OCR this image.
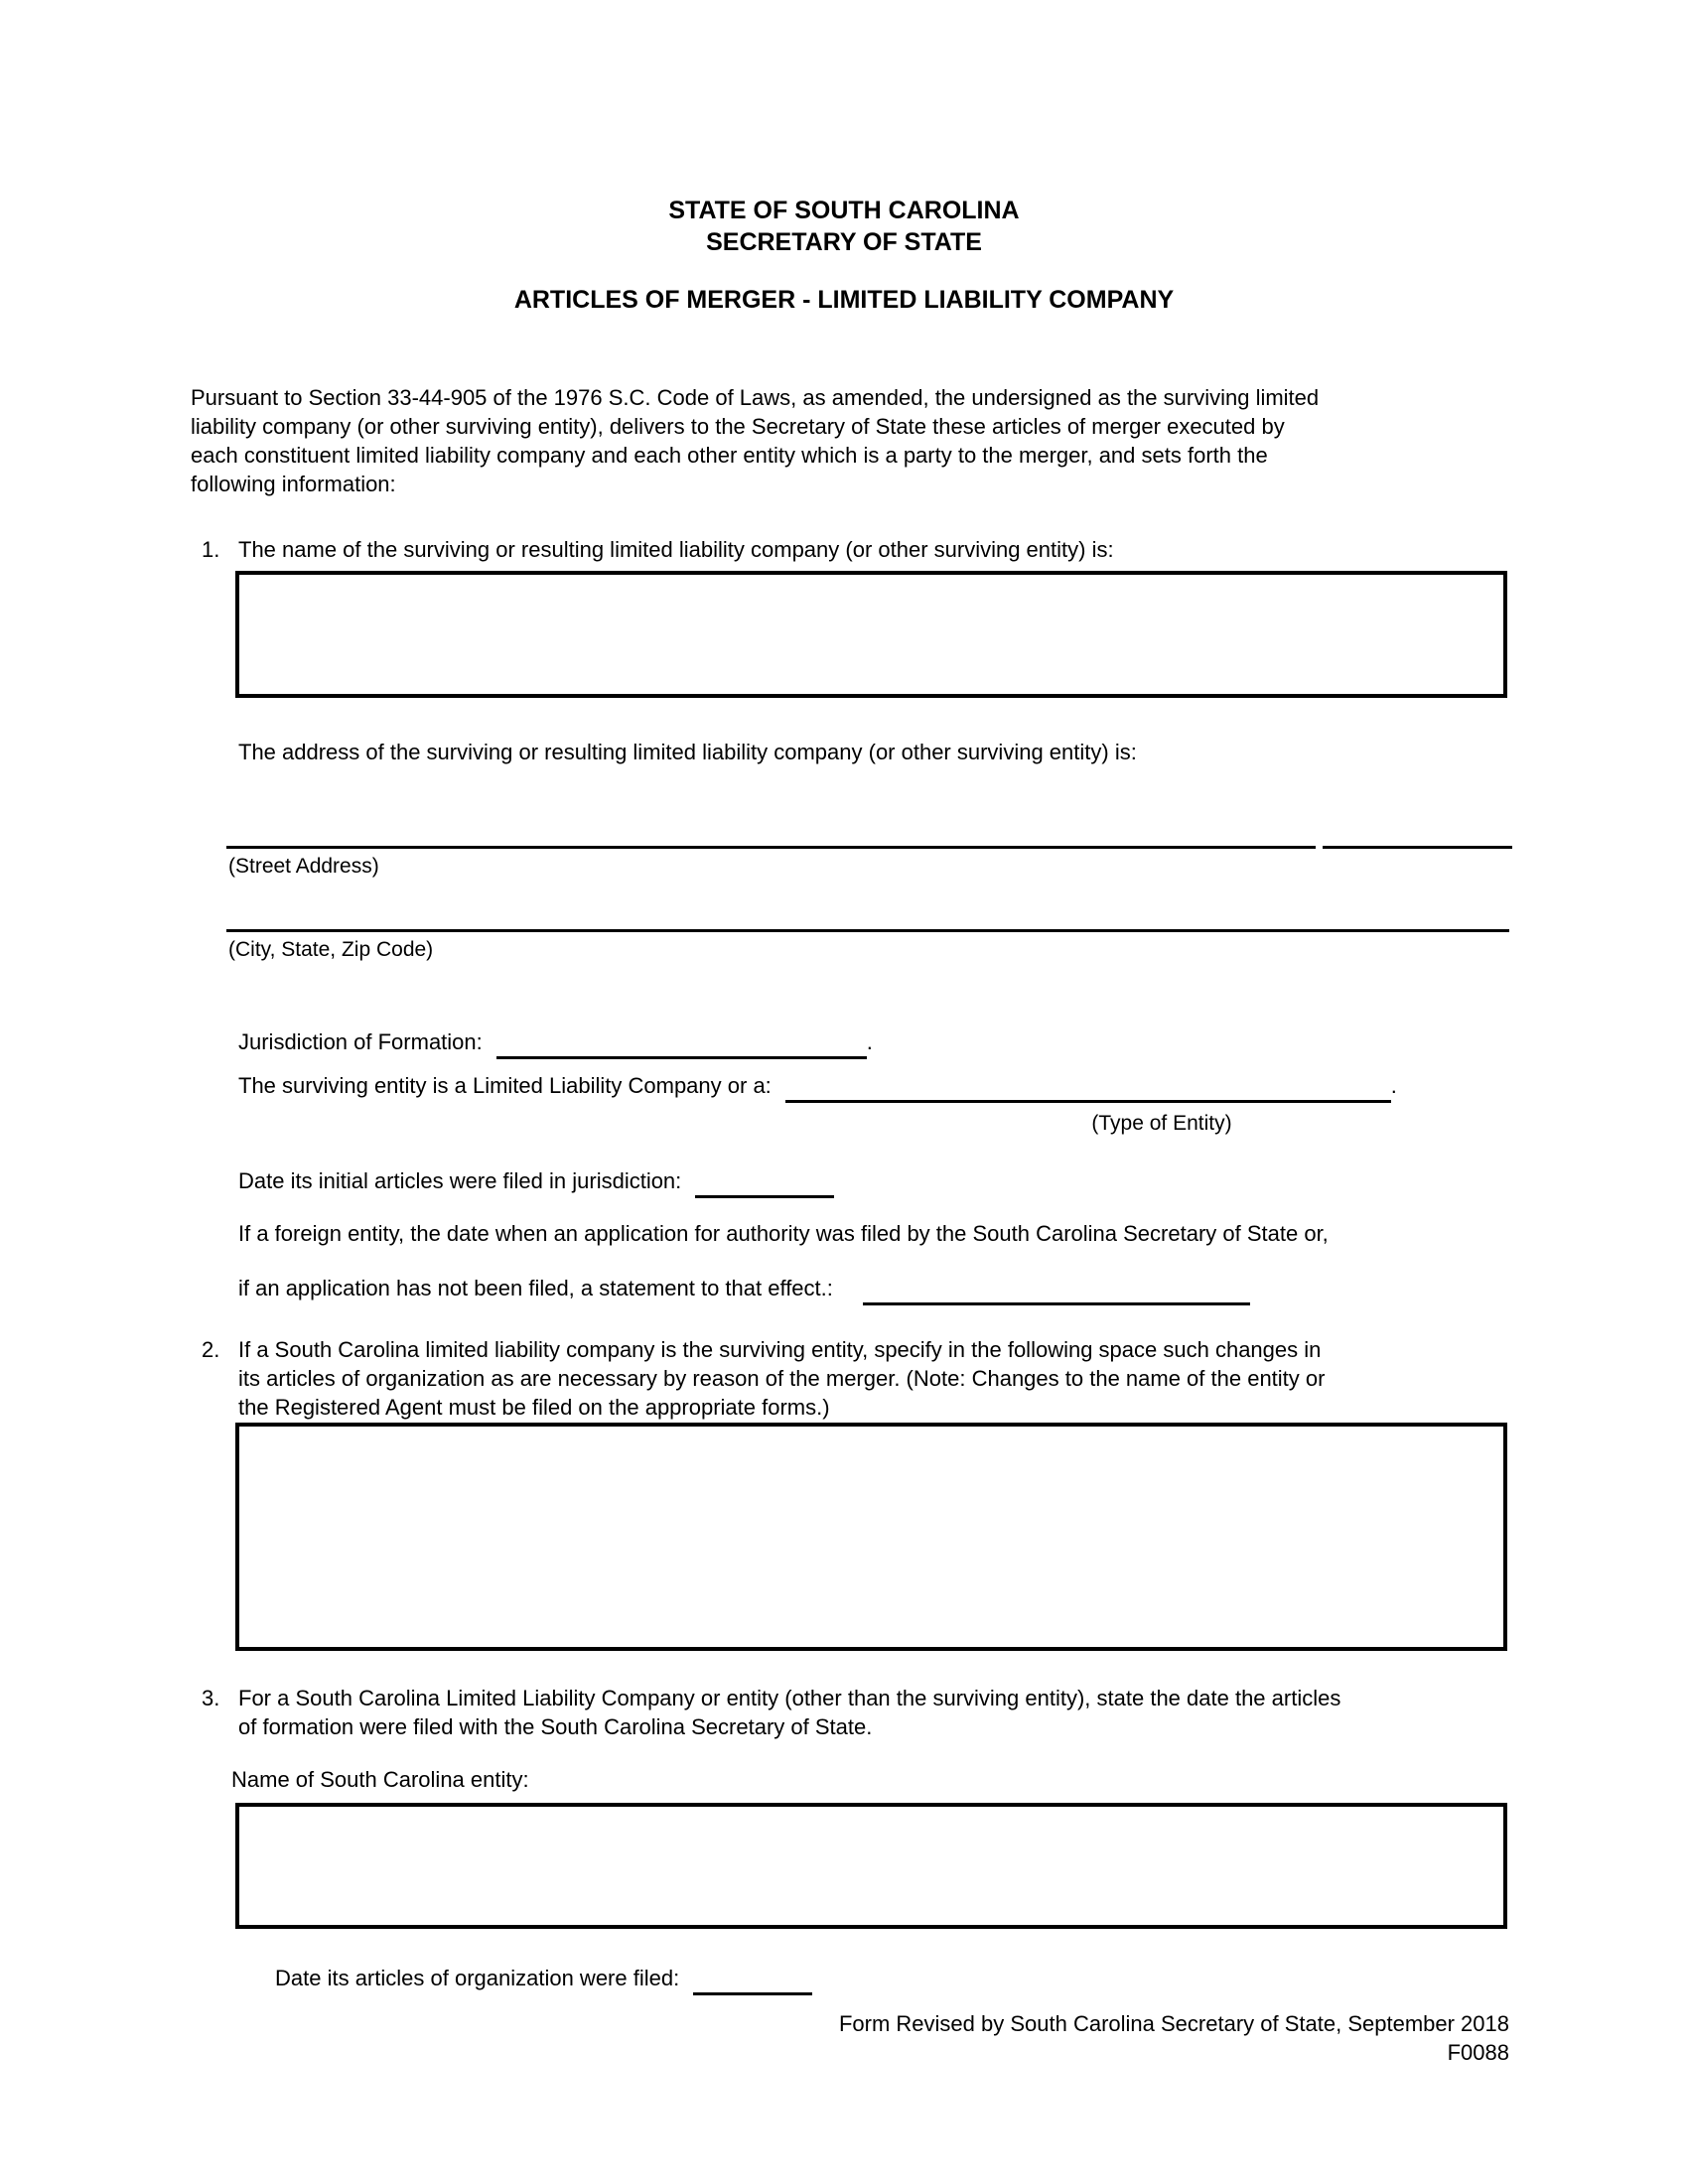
STATE OF SOUTH CAROLINA
SECRETARY OF STATE
ARTICLES OF MERGER - LIMITED LIABILITY COMPANY
Pursuant to Section 33-44-905 of the 1976 S.C. Code of Laws, as amended, the undersigned as the surviving limited
liability company (or other surviving entity), delivers to the Secretary of State these articles of merger executed by
each constituent limited liability company and each other entity which is a party to the merger, and sets forth the
following information:
1. The name of the surviving or resulting limited liability company (or other surviving entity) is:
The address of the surviving or resulting limited liability company (or other surviving entity) is:
(Street Address)
(City, State, Zip Code)
Jurisdiction of Formation:	.
The surviving entity is a Limited Liability Company or a:	.
(Type of Entity)
Date its initial articles were filed in jurisdiction:
If a foreign entity, the date when an application for authority was filed by the South Carolina Secretary of State or,
if an application has not been filed, a statement to that effect.:
2. If a South Carolina limited liability company is the surviving entity, specify in the following space such changes in
its articles of organization as are necessary by reason of the merger. (Note: Changes to the name of the entity or
the Registered Agent must be filed on the appropriate forms.)
3. For a South Carolina Limited Liability Company or entity (other than the surviving entity), state the date the articles
of formation were filed with the South Carolina Secretary of State.
Name of South Carolina entity:
Date its articles of organization were filed:
Form Revised by South Carolina Secretary of State, September 2018
F0088
